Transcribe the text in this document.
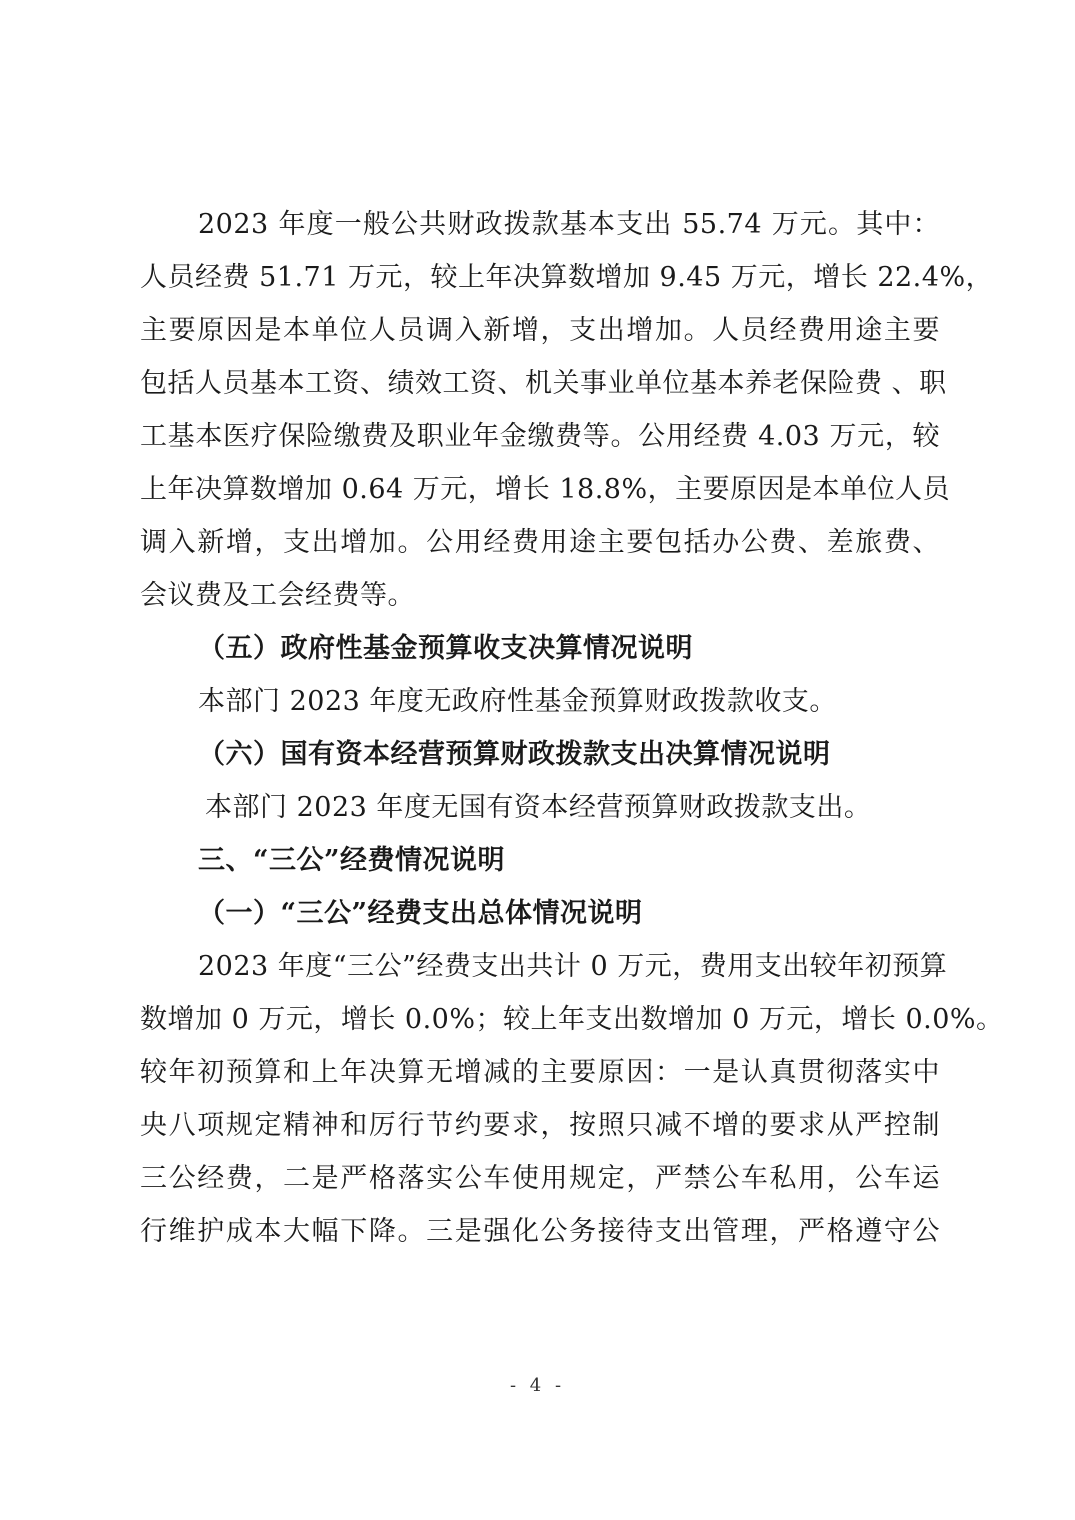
2023 年度一般公共财政拨款基本支出 55.74 万元。其中：
人员经费 51.71 万元，较上年决算数增加 9.45 万元，增长 22.4%，
主要原因是本单位人员调入新增，支出增加。人员经费用途主要
包括人员基本工资、绩效工资、机关事业单位基本养老保险费 、职
工基本医疗保险缴费及职业年金缴费等。公用经费 4.03 万元，较
上年决算数增加 0.64 万元，增长 18.8%，主要原因是本单位人员
调入新增，支出增加。公用经费用途主要包括办公费、差旅费、
会议费及工会经费等。
（五）政府性基金预算收支决算情况说明
本部门 2023 年度无政府性基金预算财政拨款收支。
（六）国有资本经营预算财政拨款支出决算情况说明
本部门 2023 年度无国有资本经营预算财政拨款支出。
三、“三公”经费情况说明
（一）“三公”经费支出总体情况说明
2023 年度“三公”经费支出共计 0 万元，费用支出较年初预算
数增加 0 万元，增长 0.0%；较上年支出数增加 0 万元，增长 0.0%。
较年初预算和上年决算无增减的主要原因：一是认真贯彻落实中
央八项规定精神和厉行节约要求，按照只减不增的要求从严控制
三公经费，二是严格落实公车使用规定，严禁公车私用，公车运
行维护成本大幅下降。三是强化公务接待支出管理，严格遵守公
- 4 -
